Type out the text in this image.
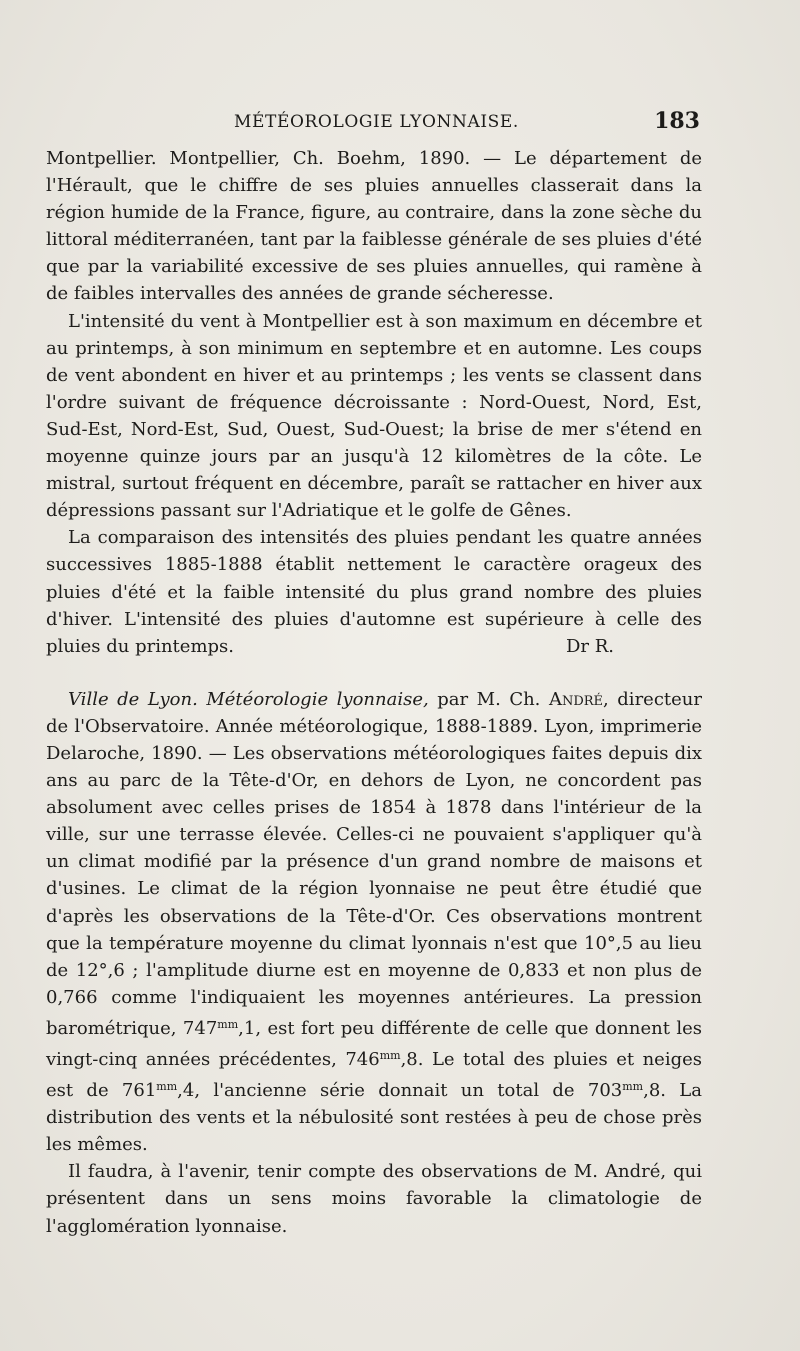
MÉTÉOROLOGIE LYONNAISE.	183

Montpellier. Montpellier, Ch. Boehm, 1890. — Le département de l'Hérault, que le chiffre de ses pluies annuelles classerait dans la région humide de la France, figure, au contraire, dans la zone sèche du littoral méditerranéen, tant par la faiblesse générale de ses pluies d'été que par la variabilité excessive de ses pluies annuelles, qui ramène à de faibles intervalles des années de grande sécheresse.

L'intensité du vent à Montpellier est à son maximum en décembre et au printemps, à son minimum en septembre et en automne. Les coups de vent abondent en hiver et au printemps ; les vents se classent dans l'ordre suivant de fréquence décroissante : Nord-Ouest, Nord, Est, Sud-Est, Nord-Est, Sud, Ouest, Sud-Ouest; la brise de mer s'étend en moyenne quinze jours par an jusqu'à 12 kilomètres de la côte. Le mistral, surtout fréquent en décembre, paraît se rattacher en hiver aux dépressions passant sur l'Adriatique et le golfe de Gênes.

La comparaison des intensités des pluies pendant les quatre années successives 1885-1888 établit nettement le caractère orageux des pluies d'été et la faible intensité du plus grand nombre des pluies d'hiver. L'intensité des pluies d'automne est supérieure à celle des pluies du printemps.	Dr R.

Ville de Lyon. Météorologie lyonnaise, par M. Ch. André, directeur de l'Observatoire. Année météorologique, 1888-1889. Lyon, imprimerie Delaroche, 1890. — Les observations météorologiques faites depuis dix ans au parc de la Tête-d'Or, en dehors de Lyon, ne concordent pas absolument avec celles prises de 1854 à 1878 dans l'intérieur de la ville, sur une terrasse élevée. Celles-ci ne pouvaient s'appliquer qu'à un climat modifié par la présence d'un grand nombre de maisons et d'usines. Le climat de la région lyonnaise ne peut être étudié que d'après les observations de la Tête-d'Or. Ces observations montrent que la température moyenne du climat lyonnais n'est que 10°,5 au lieu de 12°,6 ; l'amplitude diurne est en moyenne de 0,833 et non plus de 0,766 comme l'indiquaient les moyennes antérieures. La pression barométrique, $747^{mm},1$, est fort peu différente de celle que donnent les vingt-cinq années précédentes, $746^{mm},8$. Le total des pluies et neiges est de $761^{mm},4$, l'ancienne série donnait un total de $703^{mm},8$. La distribution des vents et la nébulosité sont restées à peu de chose près les mêmes.

Il faudra, à l'avenir, tenir compte des observations de M. André, qui présentent dans un sens moins favorable la climatologie de l'agglomération lyonnaise.
